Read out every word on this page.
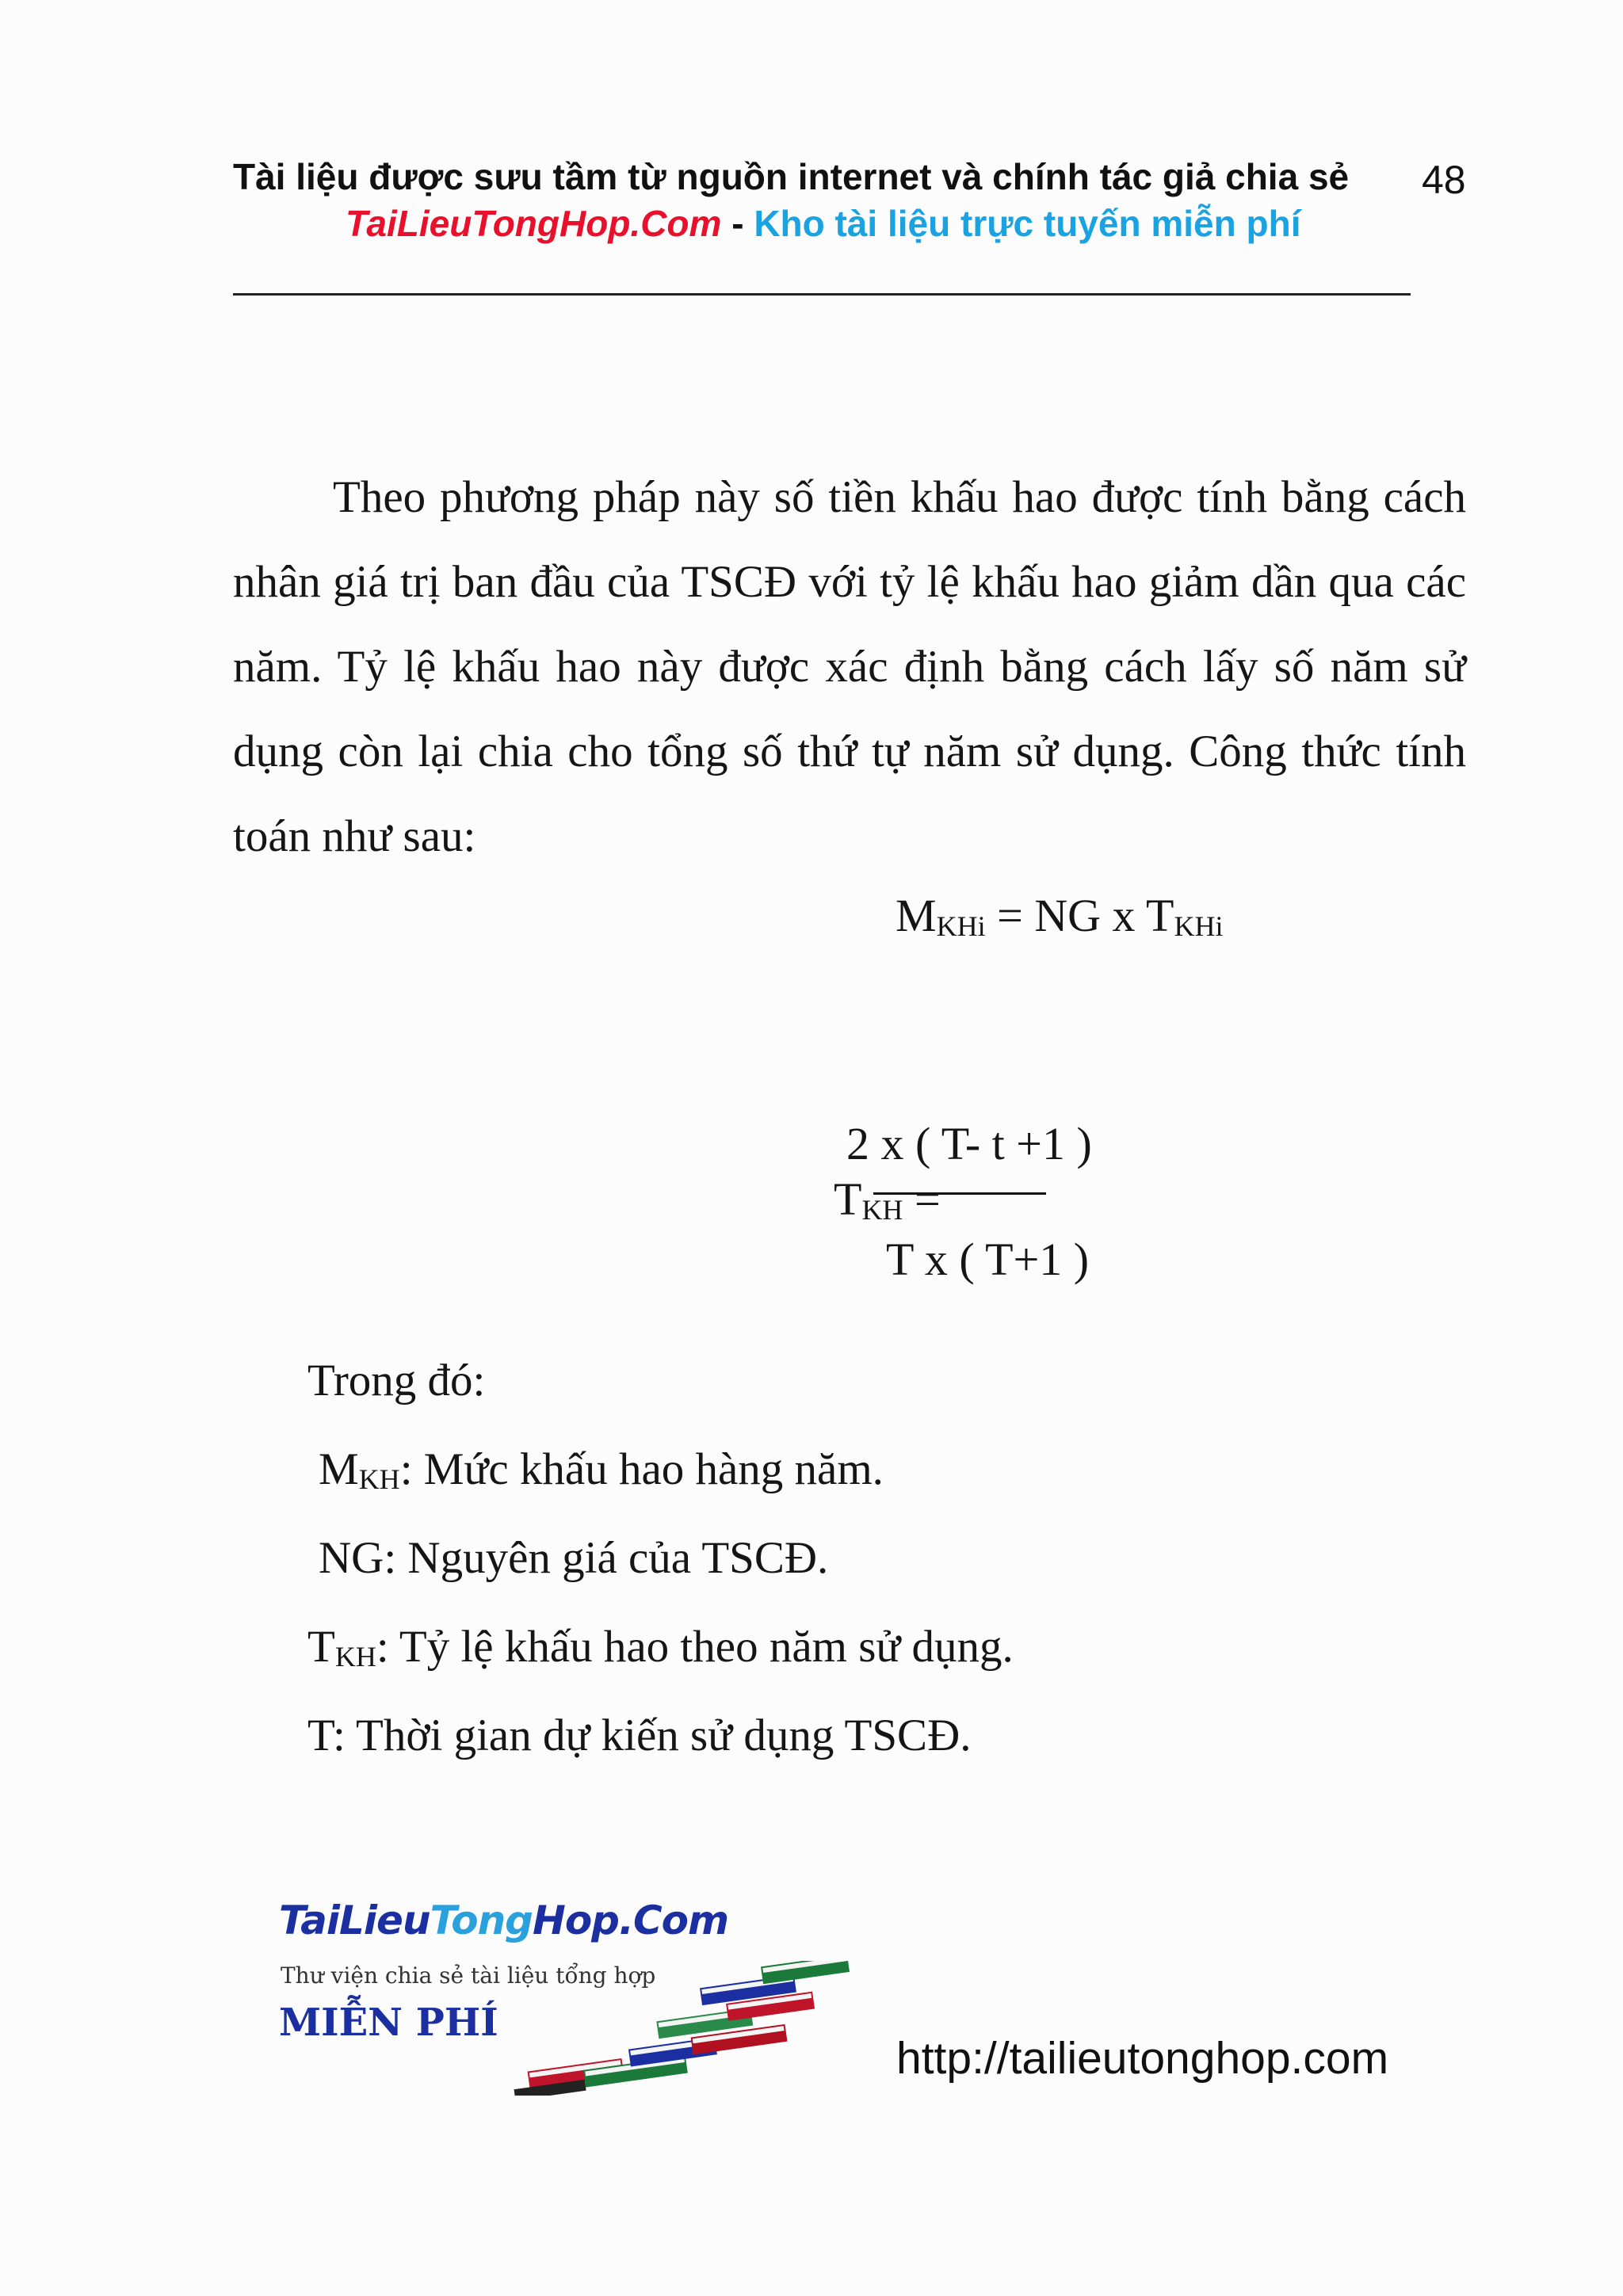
Tài liệu được sưu tầm từ nguồn internet và chính tác giả chia sẻ 48
TaiLieuTongHop.Com - Kho tài liệu trực tuyến miễn phí

Theo phương pháp này số tiền khấu hao được tính bằng cách nhân giá trị ban đầu của TSCĐ với tỷ lệ khấu hao giảm dần qua các năm. Tỷ lệ khấu hao này được xác định bằng cách lấy số năm sử dụng còn lại chia cho tổng số thứ tự năm sử dụng. Công thức tính toán như sau:

$M_{KHi}$ = NG x $T_{KHi}$
2 x ( T- t +1 )
$T_{KH}$ =
T x ( T+1 )
Trong đó:
$M_{KH}$: Mức khấu hao hàng năm.
NG: Nguyên giá của TSCĐ.
$T_{KH}$: Tỷ lệ khấu hao theo năm sử dụng.
T: Thời gian dự kiến sử dụng TSCĐ.
TaiLieuTongHop.Com
Thư viện chia sẻ tài liệu tổng hợp
MIỄN PHÍ
http://tailieutonghop.com
